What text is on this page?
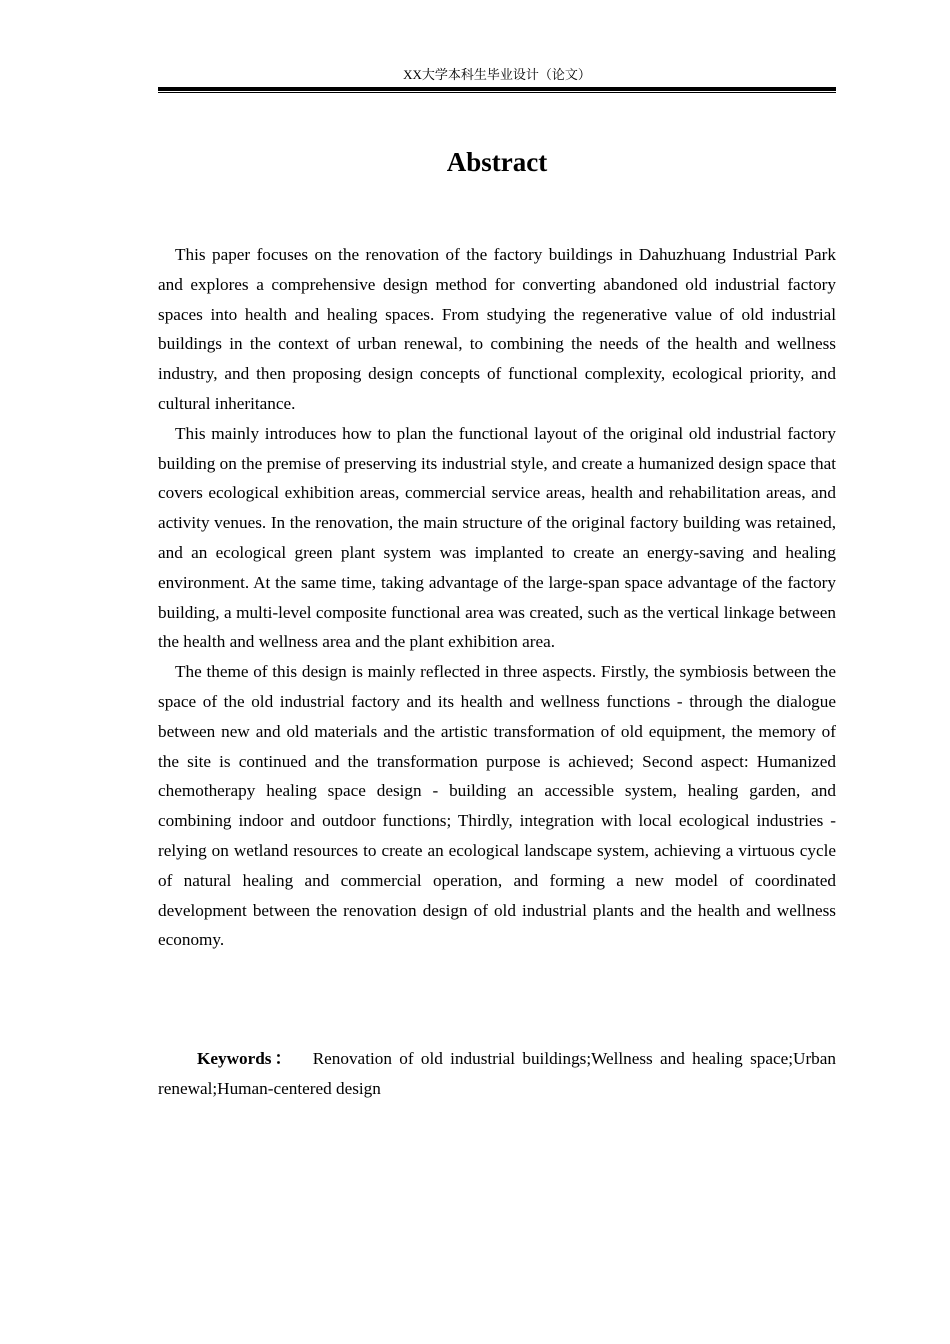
XX大学本科生毕业设计（论文）
Abstract

This paper focuses on the renovation of the factory buildings in Dahuzhuang Industrial Park and explores a comprehensive design method for converting abandoned old industrial factory spaces into health and healing spaces. From studying the regenerative value of old industrial buildings in the context of urban renewal, to combining the needs of the health and wellness industry, and then proposing design concepts of functional complexity, ecological priority, and cultural inheritance.

This mainly introduces how to plan the functional layout of the original old industrial factory building on the premise of preserving its industrial style, and create a humanized design space that covers ecological exhibition areas, commercial service areas, health and rehabilitation areas, and activity venues. In the renovation, the main structure of the original factory building was retained, and an ecological green plant system was implanted to create an energy-saving and healing environment. At the same time, taking advantage of the large-span space advantage of the factory building, a multi-level composite functional area was created, such as the vertical linkage between the health and wellness area and the plant exhibition area.

The theme of this design is mainly reflected in three aspects. Firstly, the symbiosis between the space of the old industrial factory and its health and wellness functions - through the dialogue between new and old materials and the artistic transformation of old equipment, the memory of the site is continued and the transformation purpose is achieved; Second aspect: Humanized chemotherapy healing space design - building an accessible system, healing garden, and combining indoor and outdoor functions; Thirdly, integration with local ecological industries - relying on wetland resources to create an ecological landscape system, achieving a virtuous cycle of natural healing and commercial operation, and forming a new model of coordinated development between the renovation design of old industrial plants and the health and wellness economy.

Keywords： Renovation of old industrial buildings;Wellness and healing space;Urban renewal;Human-centered design
